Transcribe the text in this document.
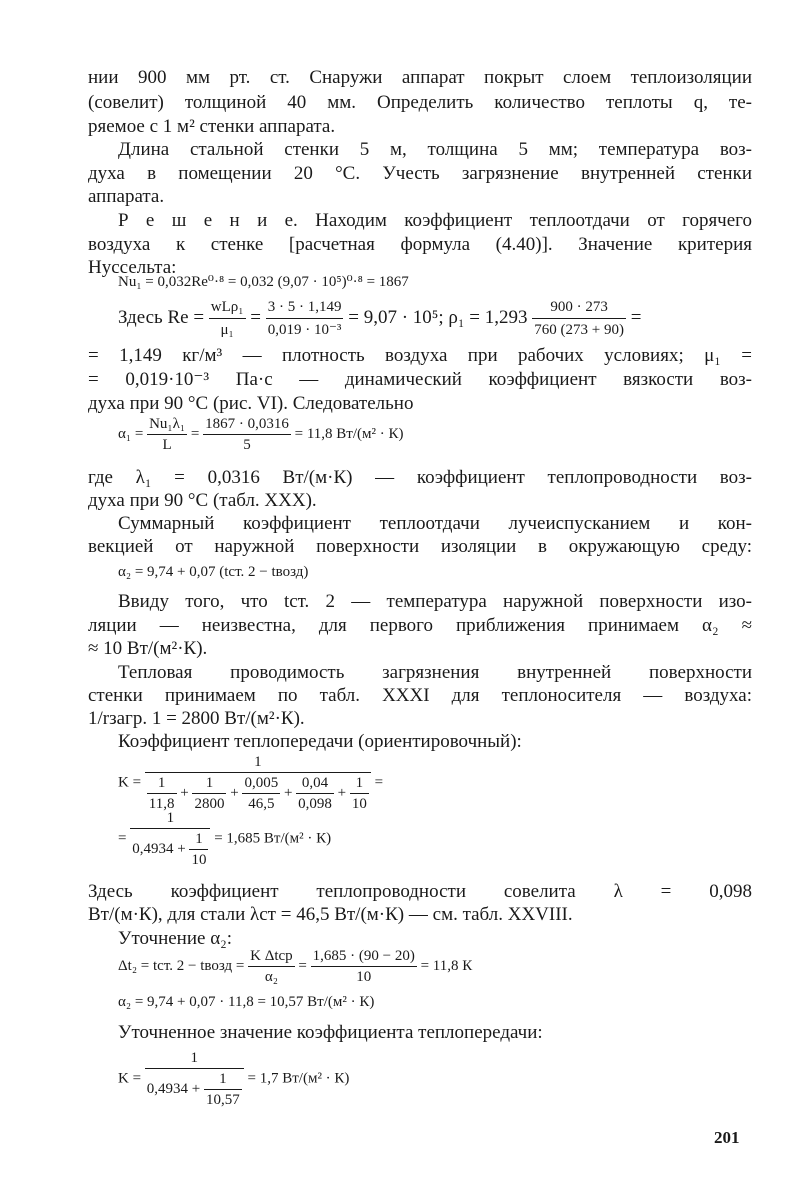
нии 900 мм рт. ст. Снаружи аппарат покрыт слоем теплоизоляции
(совелит) толщиной 40 мм. Определить количество теплоты q, те-
ряемое с 1 м² стенки аппарата.
Длина стальной стенки 5 м, толщина 5 мм; температура воз-
духа в помещении 20 °С. Учесть загрязнение внутренней стенки
аппарата.
Р е ш е н и е. Находим коэффициент теплоотдачи от горячего
воздуха к стенке [расчетная формула (4.40)]. Значение критерия
Нуссельта:
Nu₁ = 0,032Re⁰·⁸ = 0,032 (9,07 · 10⁵)⁰·⁸ = 1867
Здесь $Re = \frac{\text{wLρ₁}}{\text{μ₁}} = \frac{3 \cdot 5 \cdot 1,149}{\text{0,019 · 10⁻³}} = 9,07 \cdot 10^5$; $\rho_1 = 1,293 \frac{900 \cdot 273}{760 (273 + 90)}$ =
= 1,149 кг/м³ — плотность воздуха при рабочих условиях; μ₁ =
= 0,019·10⁻³ Па·с — динамический коэффициент вязкости воз-
духа при 90 °С (рис. VI). Следовательно
$\alpha_1 = \frac{\text{Nu₁λ₁}}{L} = \frac{1867 \cdot 0,0316}{5} = 11,8$ Вт/(м² · К)
где λ₁ = 0,0316 Вт/(м·К) — коэффициент теплопроводности воз-
духа при 90 °С (табл. XXX).
Суммарный коэффициент теплоотдачи лучеиспусканием и кон-
векцией от наружной поверхности изоляции в окружающую среду:
α₂ = 9,74 + 0,07 (tст. 2 − tвозд)
Ввиду того, что tст. 2 — температура наружной поверхности изо-
ляции — неизвестна, для первого приближения принимаем α₂ ≈
≈ 10 Вт/(м²·К).
Тепловая проводимость загрязнения внутренней поверхности
стенки принимаем по табл. XXXI для теплоносителя — воздуха:
1/rзагр. 1 = 2800 Вт/(м²·К).
Коэффициент теплопередачи (ориентировочный):
K =
1
$\frac{1}{11,8} + \frac{1}{2800} + \frac{0,005}{46,5} + \frac{0,04}{0,098} + \frac{1}{10}$ =
= $\frac{1}{0,4934 + \frac{1}{10}} = 1,685$ Вт/(м² · К)
Здесь коэффициент теплопроводности совелита λ = 0,098
Вт/(м·К), для стали λст = 46,5 Вт/(м·К) — см. табл. XXVIII.
Уточнение α₂:
Δt₂ = tст. 2 − tвозд = $\frac{\text{K Δtср}}{\text{α₂}} = \frac{1,685 \cdot (90 - 20)}{10} = 11,8$ К
α₂ = 9,74 + 0,07 · 11,8 = 10,57 Вт/(м² · К)
Уточненное значение коэффициента теплопередачи:
$K = \frac{1}{0,4934 + \frac{1}{10,57}} = 1,7$ Вт/(м² · К)
201
